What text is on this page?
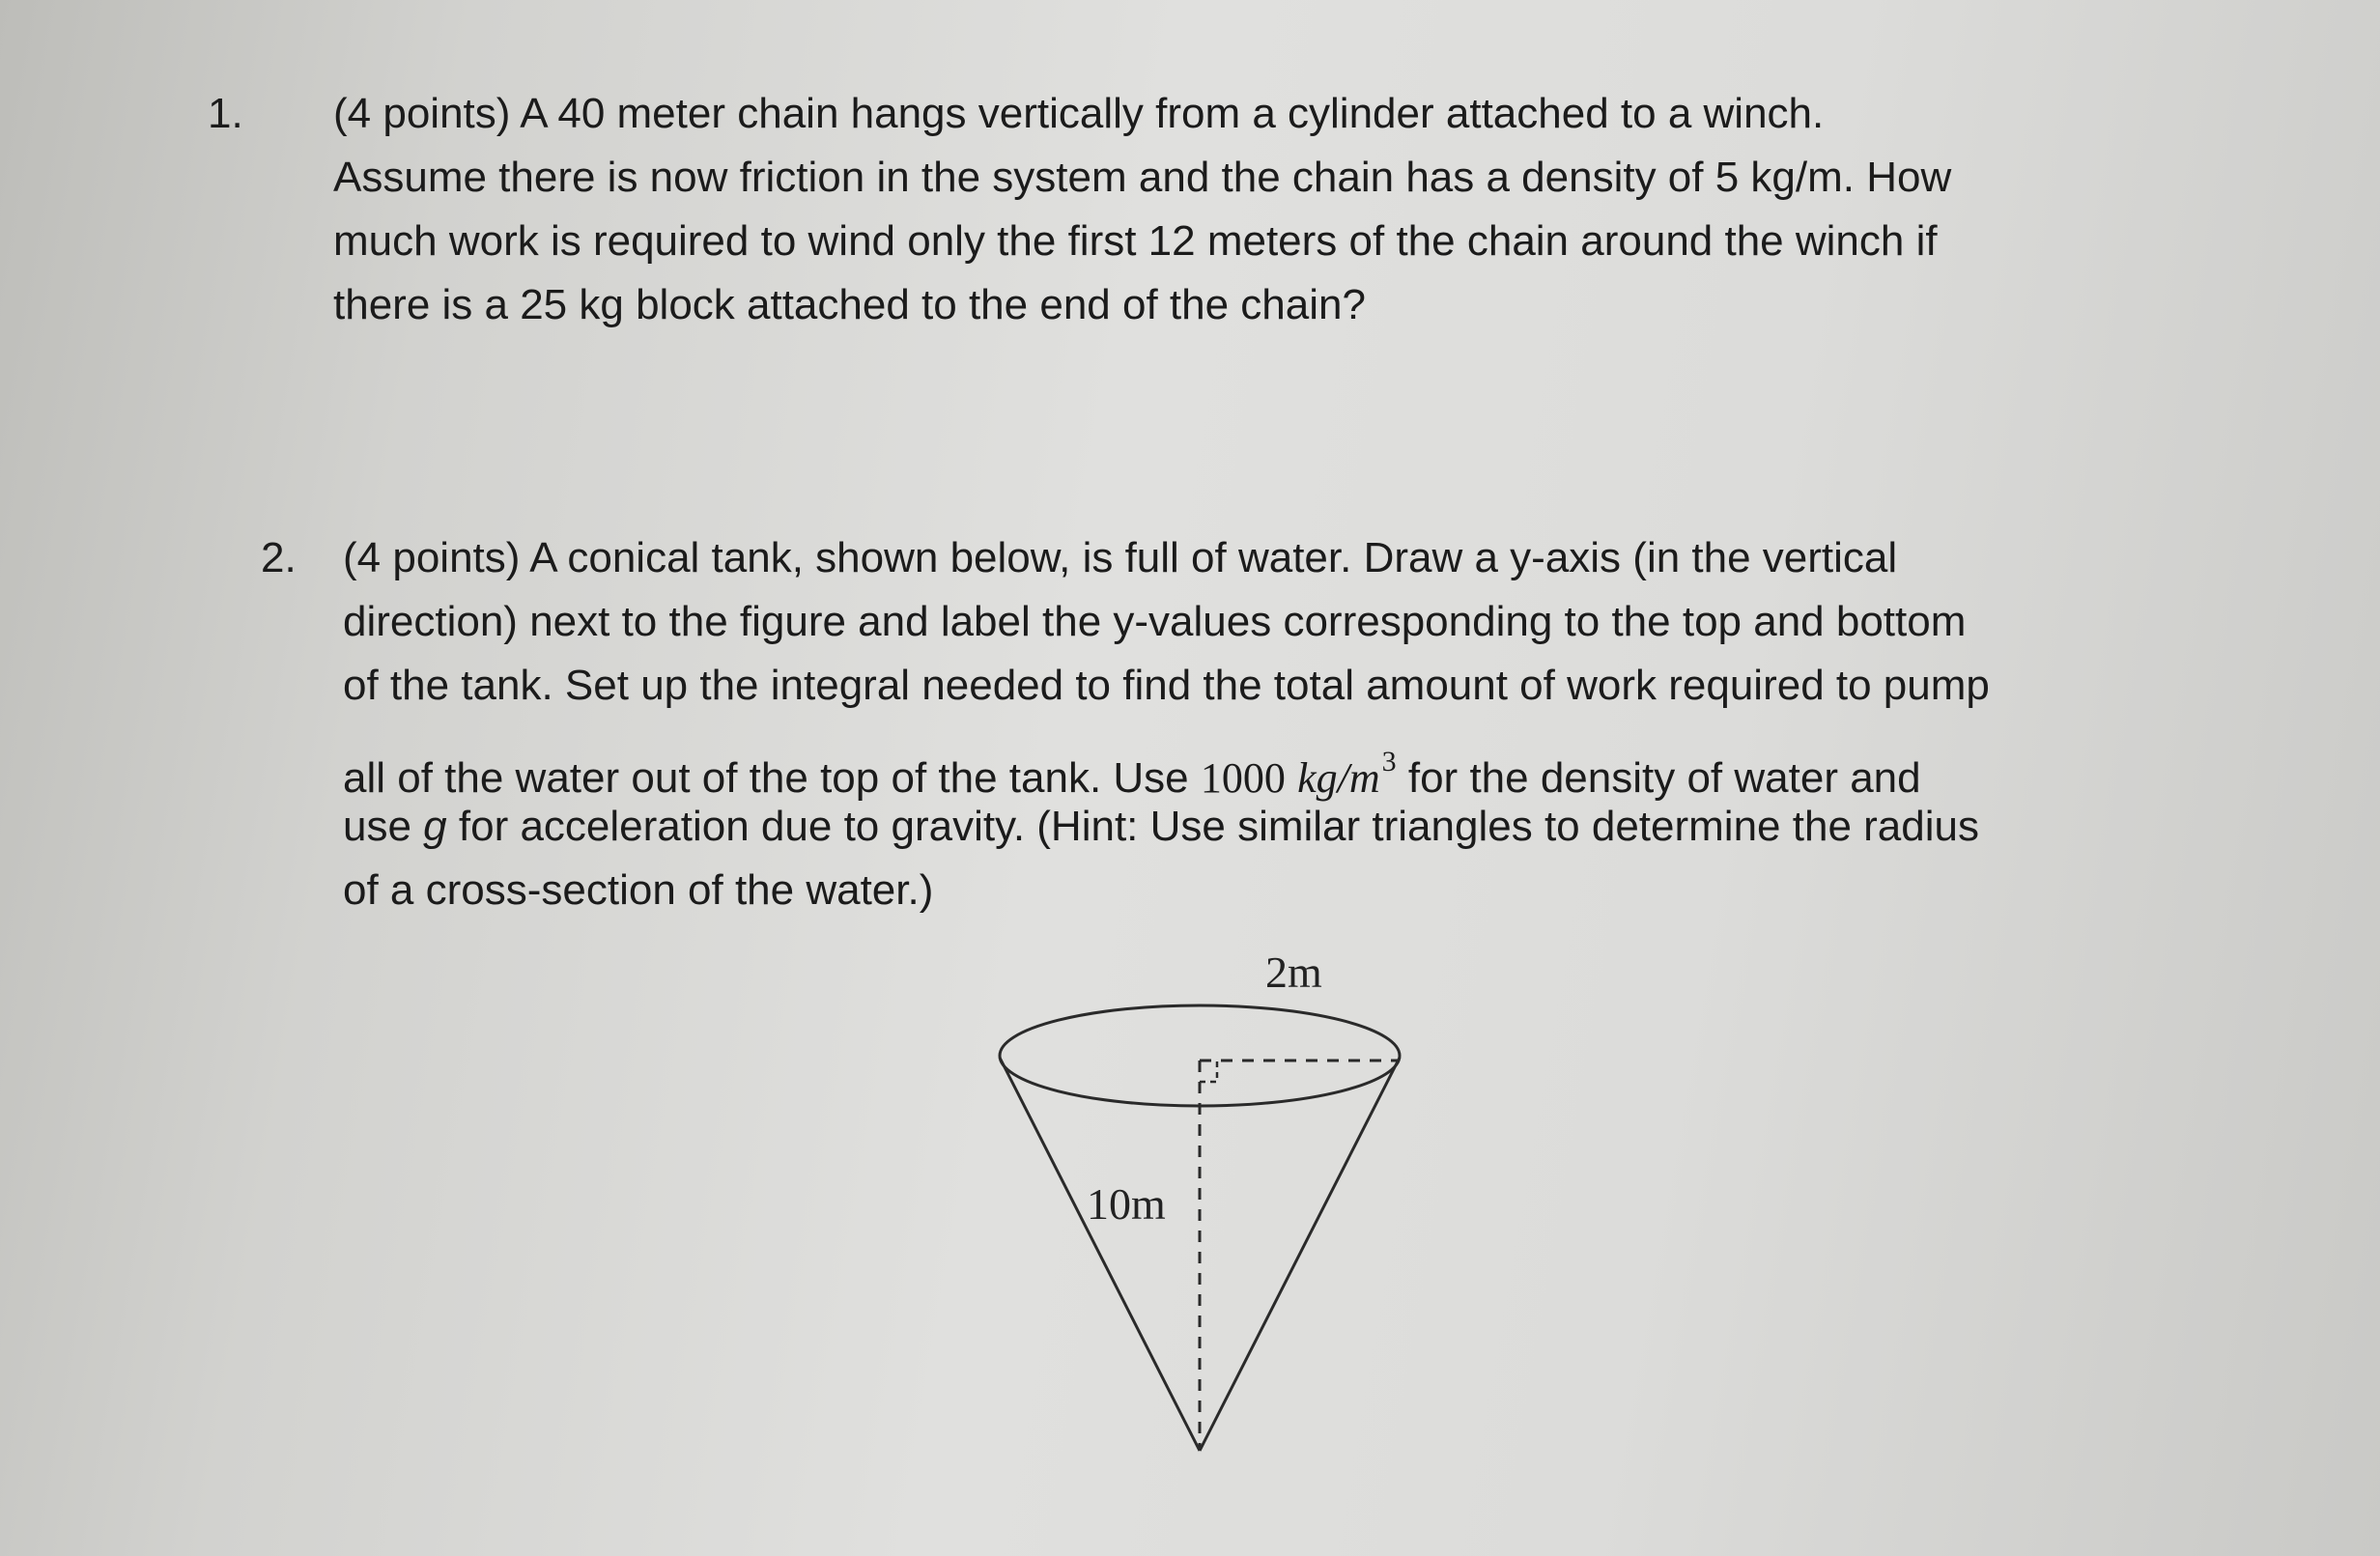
1. (4 points) A 40 meter chain hangs vertically from a cylinder attached to a winch.
Assume there is now friction in the system and the chain has a density of 5 kg/m. How
much work is required to wind only the first 12 meters of the chain around the winch if
there is a 25 kg block attached to the end of the chain?
2. (4 points) A conical tank, shown below, is full of water. Draw a y-axis (in the vertical
direction) next to the figure and label the y-values corresponding to the top and bottom
of the tank. Set up the integral needed to find the total amount of work required to pump
all of the water out of the top of the tank. Use 1000 $kg/m^3$ for the density of water and
use g for acceleration due to gravity. (Hint: Use similar triangles to determine the radius
of a cross-section of the water.)
2m
10m
